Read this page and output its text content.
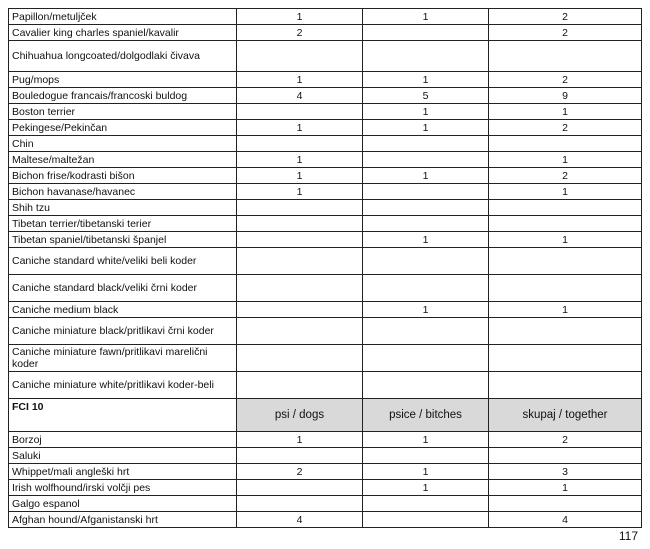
Papillon/metuljček	1	1	2
Cavalier king charles spaniel/kavalir	2		2
Chihuahua longcoated/dolgodlaki čivava			
Pug/mops	1	1	2
Bouledogue francais/francoski buldog	4	5	9
Boston terrier		1	1
Pekingese/Pekinčan	1	1	2
Chin			
Maltese/maltežan	1		1
Bichon frise/kodrasti bišon	1	1	2
Bichon havanase/havanec	1		1
Shih tzu			
Tibetan terrier/tibetanski terier			
Tibetan spaniel/tibetanski španjel		1	1
Caniche standard white/veliki beli koder			
Caniche standard black/veliki črni koder			
Caniche medium black		1	1
Caniche miniature black/pritlikavi črni koder			
Caniche miniature fawn/pritlikavi marelični koder			
Caniche miniature white/pritlikavi koder-beli			
FCI 10	psi / dogs	psice / bitches	skupaj / together
Borzoj	1	1	2
Saluki			
Whippet/mali angleški hrt	2	1	3
Irish wolfhound/irski volčji pes		1	1
Galgo espanol			
Afghan hound/Afganistanski hrt	4		4
117
